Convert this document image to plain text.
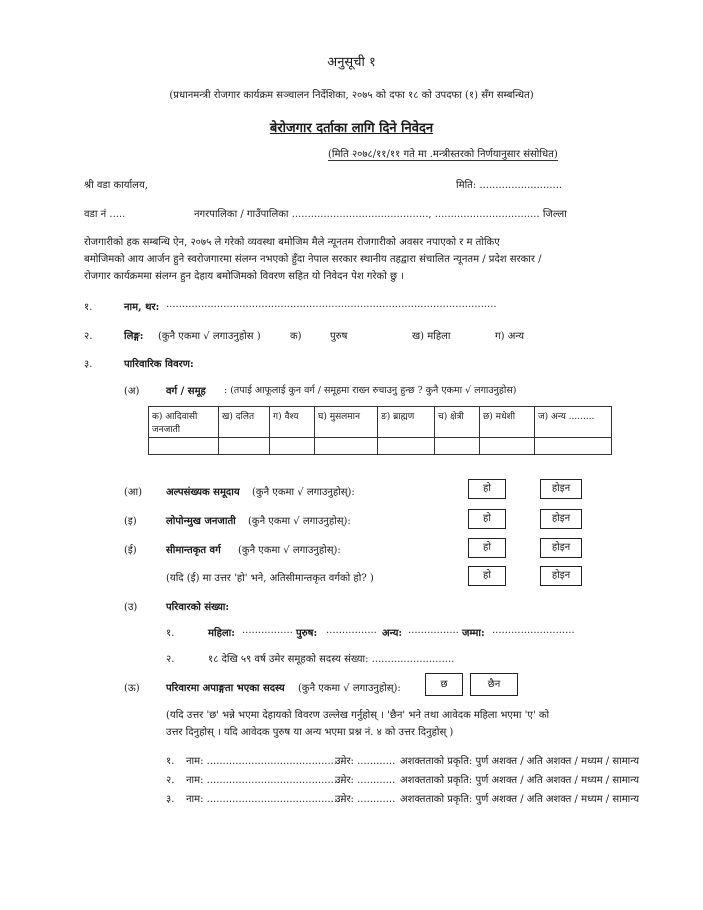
अनुसूची १
(प्रधानमन्त्री रोजगार कार्यक्रम सञ्चालन निर्देशिका, २०७५ को दफा १८ को उपदफा (१) सँग सम्बन्धित)
बेरोजगार दर्ताका लागि दिने निवेदन
(मिति २०७८/११/११ गते मा .मन्त्रीस्तरको निर्णयानुसार संसोधित)
श्री वडा कार्यालय,	मिति: ..........................
वडा नं .....	नगरपालिका / गाउँपालिका ..........................................., ................................. जिल्ला
रोजगारीको हक सम्बन्धि ऐन, २०७५ ले गरेको व्यवस्था बमोजिम मैले न्यूनतम रोजगारीको अवसर नपाएको र म तोकिए
बमोजिमको आय आर्जन हुने स्वरोजगारमा संलग्न नभएको हुँदा नेपाल सरकार स्थानीय तहद्वारा संचालित न्यूनतम / प्रदेश सरकार /
रोजगार कार्यक्रममा संलग्न हुन देहाय बमोजिमको विवरण सहित यो निवेदन पेश गरेको छु ।
१.	नाम, थर: ........................................................................................................
२.	लिङ्ग: (कुनै एकमा √ लगाउनुहोस )	क)	पुरुष	ख) महिला	ग) अन्य
३.	पारिवारिक विवरण:
(अ)	वर्ग / समूह : (तपाई आफूलाई कुन वर्ग / समूहमा राख्न रुचाउनु हुन्छ ? कुनै एकमा √ लगाउनुहोस)
क) आदिवासी जनजाती	ख) दलित	ग) वैश्य	घ) मुसलमान	ङ) ब्राह्मण	च) क्षेत्री	छ) मधेशी	ज) अन्य .........

(आ) अल्पसंख्यक समूदाय (कुनै एकमा √ लगाउनुहोस्):	हो	होइन
(इ)	लोपोन्मुख जनजाती (कुनै एकमा √ लगाउनुहोस्):	हो	होइन
(ई)	सीमान्तकृत वर्ग (कुनै एकमा √ लगाउनुहोस्):	हो	होइन
(यदि (ई) मा उत्तर 'हो' भने, अतिसीमान्तकृत वर्गको हो? )	हो	होइन
(उ)	परिवारको संख्या:
१.	महिला: ................ पुरुष: ................ अन्य: ................ जम्मा: ..........................
२.	१८ देखि ५९ वर्ष उमेर समूहको सदस्य संख्या: ..........................
(ऊ)	परिवारमा अपाङ्गता भएका सदस्य (कुनै एकमा √ लगाउनुहोस्):	छ	छैन
(यदि उत्तर 'छ' भन्ने भएमा देहायको विवरण उल्लेख गर्नुहोस् । 'छैन' भने तथा आवेदक महिला भएमा 'ए' को
उत्तर दिनुहोस् । यदि आवेदक पुरुष या अन्य भएमा प्रश्न नं. ४ को उत्तर दिनुहोस् )
१. नाम: ............................................
उमेर: ............ अशक्तताको प्रकृति: पुर्ण अशक्त / अति अशक्त / मध्यम / सामान्य
२. नाम: ............................................
उमेर: ............ अशक्तताको प्रकृति: पुर्ण अशक्त / अति अशक्त / मध्यम / सामान्य
३. नाम: ............................................
उमेर: ............ अशक्तताको प्रकृति: पुर्ण अशक्त / अति अशक्त / मध्यम / सामान्य
